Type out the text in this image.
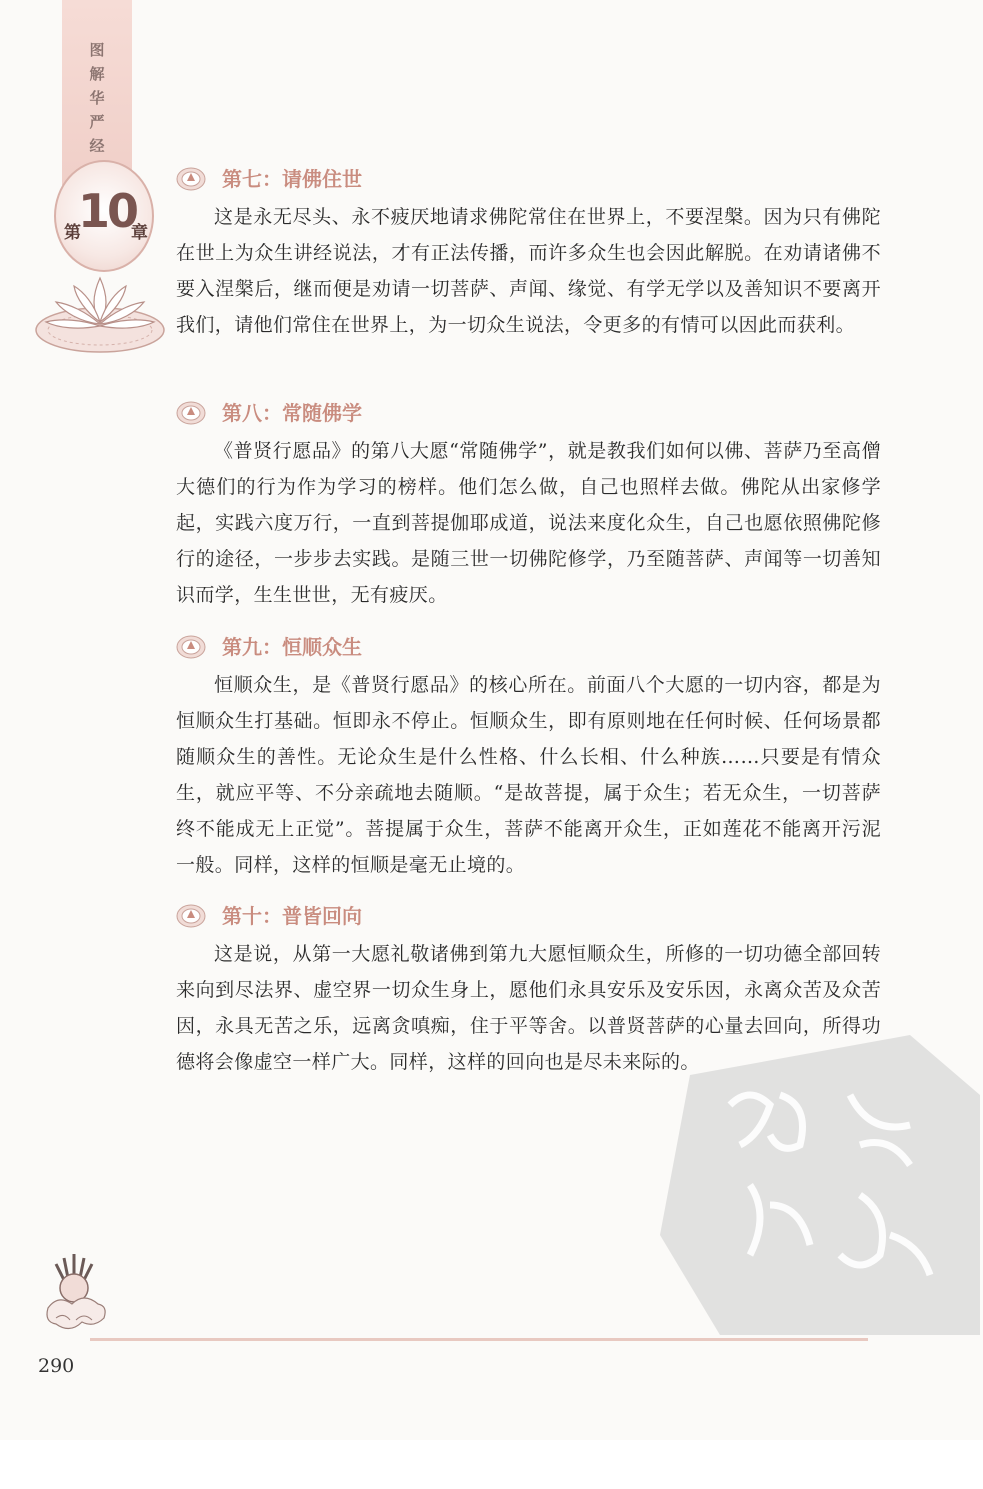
图
解
华
严
经
第
10
章
第七：请佛住世

这是永无尽头、永不疲厌地请求佛陀常住在世界上，不要涅槃。因为只有佛陀在世上为众生讲经说法，才有正法传播，而许多众生也会因此解脱。在劝请诸佛不要入涅槃后，继而便是劝请一切菩萨、声闻、缘觉、有学无学以及善知识不要离开我们，请他们常住在世界上，为一切众生说法，令更多的有情可以因此而获利。

第八：常随佛学

《普贤行愿品》的第八大愿“常随佛学”，就是教我们如何以佛、菩萨乃至高僧大德们的行为作为学习的榜样。他们怎么做，自己也照样去做。佛陀从出家修学起，实践六度万行，一直到菩提伽耶成道，说法来度化众生，自己也愿依照佛陀修行的途径，一步步去实践。是随三世一切佛陀修学，乃至随菩萨、声闻等一切善知识而学，生生世世，无有疲厌。

第九：恒顺众生

恒顺众生，是《普贤行愿品》的核心所在。前面八个大愿的一切内容，都是为恒顺众生打基础。恒即永不停止。恒顺众生，即有原则地在任何时候、任何场景都随顺众生的善性。无论众生是什么性格、什么长相、什么种族……只要是有情众生，就应平等、不分亲疏地去随顺。“是故菩提，属于众生；若无众生，一切菩萨终不能成无上正觉”。菩提属于众生，菩萨不能离开众生，正如莲花不能离开污泥一般。同样，这样的恒顺是毫无止境的。

第十：普皆回向

这是说，从第一大愿礼敬诸佛到第九大愿恒顺众生，所修的一切功德全部回转来向到尽法界、虚空界一切众生身上，愿他们永具安乐及安乐因，永离众苦及众苦因，永具无苦之乐，远离贪嗔痴，住于平等舍。以普贤菩萨的心量去回向，所得功德将会像虚空一样广大。同样，这样的回向也是尽未来际的。

290
